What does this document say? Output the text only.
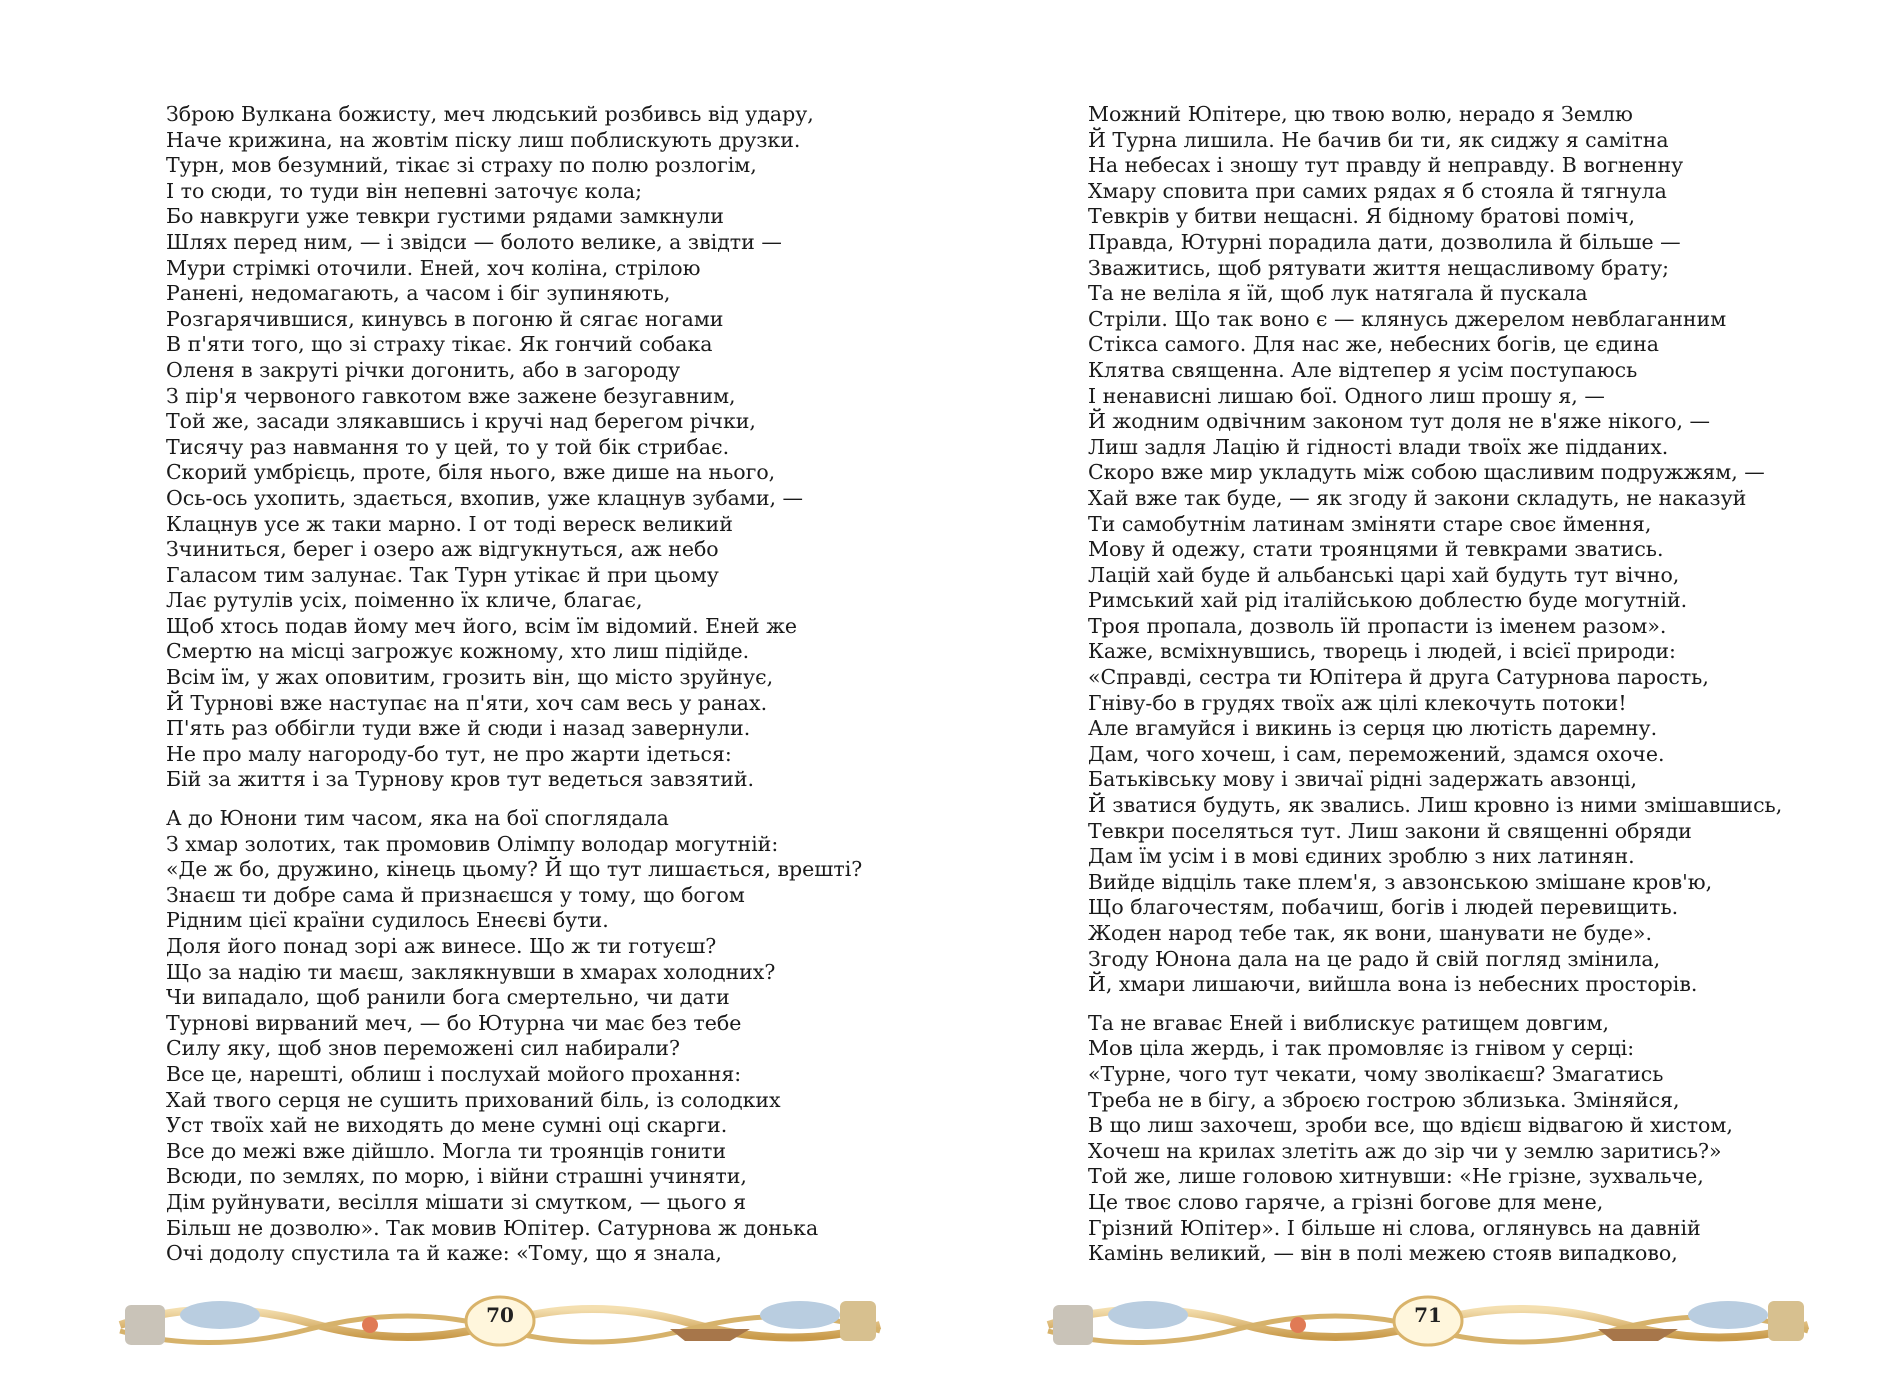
Зброю Вулкана божисту, меч людський розбивсь від удару,
Наче крижина, на жовтім піску лиш поблискують друзки.
Турн, мов безумний, тікає зі страху по полю розлогім,
І то сюди, то туди він непевні заточує кола;
Бо навкруги уже тевкри густими рядами замкнули
Шлях перед ним, — і звідси — болото велике, а звідти —
Мури стрімкі оточили. Еней, хоч коліна, стрілою
Ранені, недомагають, а часом і біг зупиняють,
Розгарячившися, кинувсь в погоню й сягає ногами
В п'яти того, що зі страху тікає. Як гончий собака
Оленя в закруті річки догонить, або в загороду
З пір'я червоного гавкотом вже зажене безугавним,
Той же, засади злякавшись і кручі над берегом річки,
Тисячу раз навмання то у цей, то у той бік стрибає.
Скорий умбрієць, проте, біля нього, вже дише на нього,
Ось-ось ухопить, здається, вхопив, уже клацнув зубами, —
Клацнув усе ж таки марно. І от тоді вереск великий
Зчиниться, берег і озеро аж відгукнуться, аж небо
Галасом тим залунає. Так Турн утікає й при цьому
Лає рутулів усіх, поіменно їх кличе, благає,
Щоб хтось подав йому меч його, всім їм відомий. Еней же
Смертю на місці загрожує кожному, хто лиш підійде.
Всім їм, у жах оповитим, грозить він, що місто зруйнує,
Й Турнові вже наступає на п'яти, хоч сам весь у ранах.
П'ять раз оббігли туди вже й сюди і назад завернули.
Не про малу нагороду-бо тут, не про жарти ідеться:
Бій за життя і за Турнову кров тут ведеться завзятий.
А до Юнони тим часом, яка на бої споглядала
З хмар золотих, так промовив Олімпу володар могутній:
«Де ж бо, дружино, кінець цьому? Й що тут лишається, врешті?
Знаєш ти добре сама й признаєшся у тому, що богом
Рідним цієї країни судилось Енеєві бути.
Доля його понад зорі аж винесе. Що ж ти готуєш?
Що за надію ти маєш, заклякнувши в хмарах холодних?
Чи випадало, щоб ранили бога смертельно, чи дати
Турнові вирваний меч, — бо Ютурна чи має без тебе
Силу яку, щоб знов переможені сил набирали?
Все це, нарешті, облиш і послухай мойого прохання:
Хай твого серця не сушить прихований біль, із солодких
Уст твоїх хай не виходять до мене сумні оці скарги.
Все до межі вже дійшло. Могла ти троянців гонити
Всюди, по землях, по морю, і війни страшні учиняти,
Дім руйнувати, весілля мішати зі смутком, — цього я
Більш не дозволю». Так мовив Юпітер. Сатурнова ж донька
Очі додолу спустила та й каже: «Тому, що я знала,
70
Можний Юпітере, цю твою волю, нерадо я Землю
Й Турна лишила. Не бачив би ти, як сиджу я самітна
На небесах і зношу тут правду й неправду. В вогненну
Хмару сповита при самих рядах я б стояла й тягнула
Тевкрів у битви нещасні. Я бідному братові поміч,
Правда, Ютурні порадила дати, дозволила й більше —
Зважитись, щоб рятувати життя нещасливому брату;
Та не веліла я їй, щоб лук натягала й пускала
Стріли. Що так воно є — клянусь джерелом невблаганним
Стікса самого. Для нас же, небесних богів, це єдина
Клятва священна. Але відтепер я усім поступаюсь
І ненависні лишаю бої. Одного лиш прошу я, —
Й жодним одвічним законом тут доля не в'яже нікого, —
Лиш задля Лацію й гідності влади твоїх же підданих.
Скоро вже мир укладуть між собою щасливим подружжям, —
Хай вже так буде, — як згоду й закони складуть, не наказуй
Ти самобутнім латинам зміняти старе своє ймення,
Мову й одежу, стати троянцями й тевкрами зватись.
Лацій хай буде й альбанські царі хай будуть тут вічно,
Римський хай рід італійською доблестю буде могутній.
Троя пропала, дозволь їй пропасти із іменем разом».
Каже, всміхнувшись, творець і людей, і всієї природи:
«Справді, сестра ти Юпітера й друга Сатурнова парость,
Гніву-бо в грудях твоїх аж цілі клекочуть потоки!
Але вгамуйся і викинь із серця цю лютість даремну.
Дам, чого хочеш, і сам, переможений, здамся охоче.
Батьківську мову і звичаї рідні задержать авзонці,
Й зватися будуть, як звались. Лиш кровно із ними змішавшись,
Тевкри поселяться тут. Лиш закони й священні обряди
Дам їм усім і в мові єдиних зроблю з них латинян.
Вийде відціль таке плем'я, з авзонською змішане кров'ю,
Що благочестям, побачиш, богів і людей перевищить.
Жоден народ тебе так, як вони, шанувати не буде».
Згоду Юнона дала на це радо й свій погляд змінила,
Й, хмари лишаючи, вийшла вона із небесних просторів.
Та не вгаває Еней і виблискує ратищем довгим,
Мов ціла жердь, і так промовляє із гнівом у серці:
«Турне, чого тут чекати, чому зволікаєш? Змагатись
Треба не в бігу, а зброєю гострою зблизька. Зміняйся,
В що лиш захочеш, зроби все, що вдієш відвагою й хистом,
Хочеш на крилах злетіть аж до зір чи у землю заритись?»
Той же, лише головою хитнувши: «Не грізне, зухвальче,
Це твоє слово гаряче, а грізні богове для мене,
Грізний Юпітер». І більше ні слова, оглянувсь на давній
Камінь великий, — він в полі межею стояв випадково,
71
